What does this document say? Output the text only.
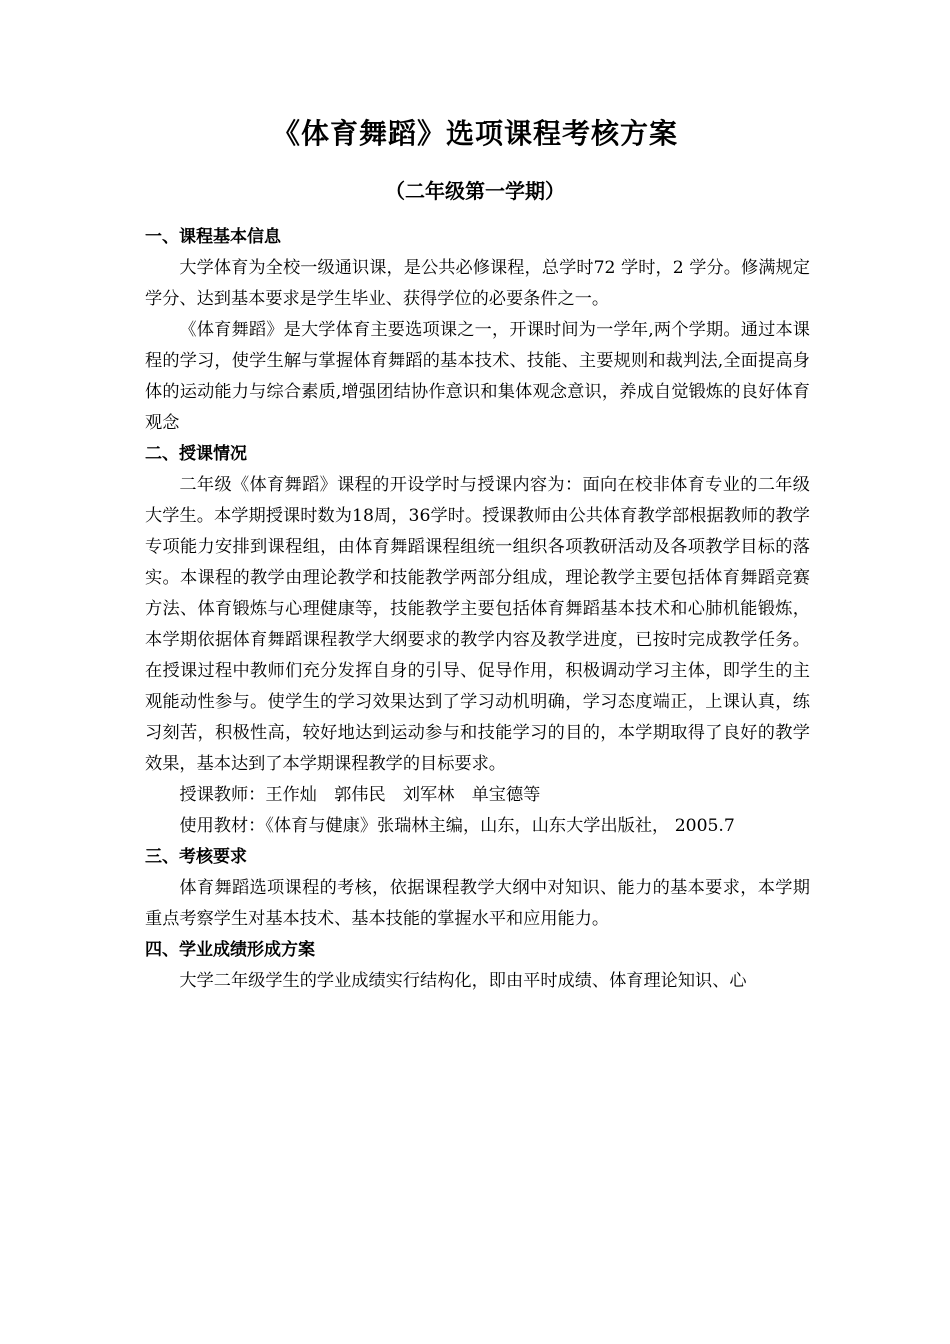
《体育舞蹈》选项课程考核方案
（二年级第一学期）
一、课程基本信息

大学体育为全校一级通识课，是公共必修课程，总学时72 学时，2 学分。修满规定学分、达到基本要求是学生毕业、获得学位的必要条件之一。

《体育舞蹈》是大学体育主要选项课之一，开课时间为一学年,两个学期。通过本课程的学习，使学生解与掌握体育舞蹈的基本技术、技能、主要规则和裁判法,全面提高身体的运动能力与综合素质,增强团结协作意识和集体观念意识，养成自觉锻炼的良好体育观念

二、授课情况

二年级《体育舞蹈》课程的开设学时与授课内容为：面向在校非体育专业的二年级大学生。本学期授课时数为18周，36学时。授课教师由公共体育教学部根据教师的教学专项能力安排到课程组，由体育舞蹈课程组统一组织各项教研活动及各项教学目标的落实。本课程的教学由理论教学和技能教学两部分组成，理论教学主要包括体育舞蹈竞赛方法、体育锻炼与心理健康等，技能教学主要包括体育舞蹈基本技术和心肺机能锻炼，本学期依据体育舞蹈课程教学大纲要求的教学内容及教学进度，已按时完成教学任务。在授课过程中教师们充分发挥自身的引导、促导作用，积极调动学习主体，即学生的主观能动性参与。使学生的学习效果达到了学习动机明确，学习态度端正，上课认真，练习刻苦，积极性高，较好地达到运动参与和技能学习的目的，本学期取得了良好的教学效果，基本达到了本学期课程教学的目标要求。

授课教师：王作灿　郭伟民　刘军林　单宝德等

使用教材：《体育与健康》张瑞林主编，山东，山东大学出版社， 2005.7

三、考核要求

体育舞蹈选项课程的考核，依据课程教学大纲中对知识、能力的基本要求，本学期重点考察学生对基本技术、基本技能的掌握水平和应用能力。

四、学业成绩形成方案

大学二年级学生的学业成绩实行结构化，即由平时成绩、体育理论知识、心
